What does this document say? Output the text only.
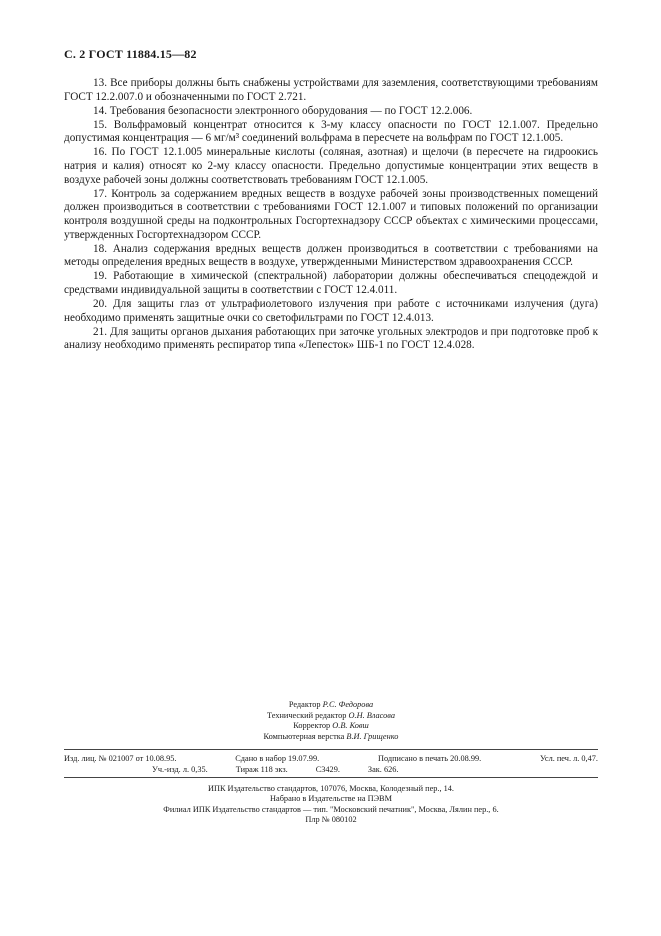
С. 2 ГОСТ 11884.15—82

13. Все приборы должны быть снабжены устройствами для заземления, соответствующими требованиям ГОСТ 12.2.007.0 и обозначенными по ГОСТ 2.721.

14. Требования безопасности электронного оборудования — по ГОСТ 12.2.006.

15. Вольфрамовый концентрат относится к 3-му классу опасности по ГОСТ 12.1.007. Предельно допустимая концентрация — 6 мг/м³ соединений вольфрама в пересчете на вольфрам по ГОСТ 12.1.005.

16. По ГОСТ 12.1.005 минеральные кислоты (соляная, азотная) и щелочи (в пересчете на гидроокись натрия и калия) относят ко 2-му классу опасности. Предельно допустимые концентрации этих веществ в воздухе рабочей зоны должны соответствовать требованиям ГОСТ 12.1.005.

17. Контроль за содержанием вредных веществ в воздухе рабочей зоны производственных помещений должен производиться в соответствии с требованиями ГОСТ 12.1.007 и типовых положений по организации контроля воздушной среды на подконтрольных Госгортехнадзору СССР объектах с химическими процессами, утвержденных Госгортехнадзором СССР.

18. Анализ содержания вредных веществ должен производиться в соответствии с требованиями на методы определения вредных веществ в воздухе, утвержденными Министерством здравоохранения СССР.

19. Работающие в химической (спектральной) лаборатории должны обеспечиваться спецодеждой и средствами индивидуальной защиты в соответствии с ГОСТ 12.4.011.

20. Для защиты глаз от ультрафиолетового излучения при работе с источниками излучения (дуга) необходимо применять защитные очки со светофильтрами по ГОСТ 12.4.013.

21. Для защиты органов дыхания работающих при заточке угольных электродов и при подготовке проб к анализу необходимо применять респиратор типа «Лепесток» ШБ-1 по ГОСТ 12.4.028.

Редактор Р.С. Федорова
Технический редактор О.Н. Власова
Корректор О.В. Ковш
Компьютерная верстка В.И. Грищенко
Изд. лиц. № 021007 от 10.08.95.	Сдано в набор 19.07.99.	Подписано в печать 20.08.99.	Усл. печ. л. 0,47.
Уч.-изд. л. 0,35.	Тираж 118 экз.	С3429.	Зак. 626.
ИПК Издательство стандартов, 107076, Москва, Колодезный пер., 14.
Набрано в Издательстве на ПЭВМ
Филиал ИПК Издательство стандартов — тип. "Московский печатник", Москва, Лялин пер., 6.
Плр № 080102
